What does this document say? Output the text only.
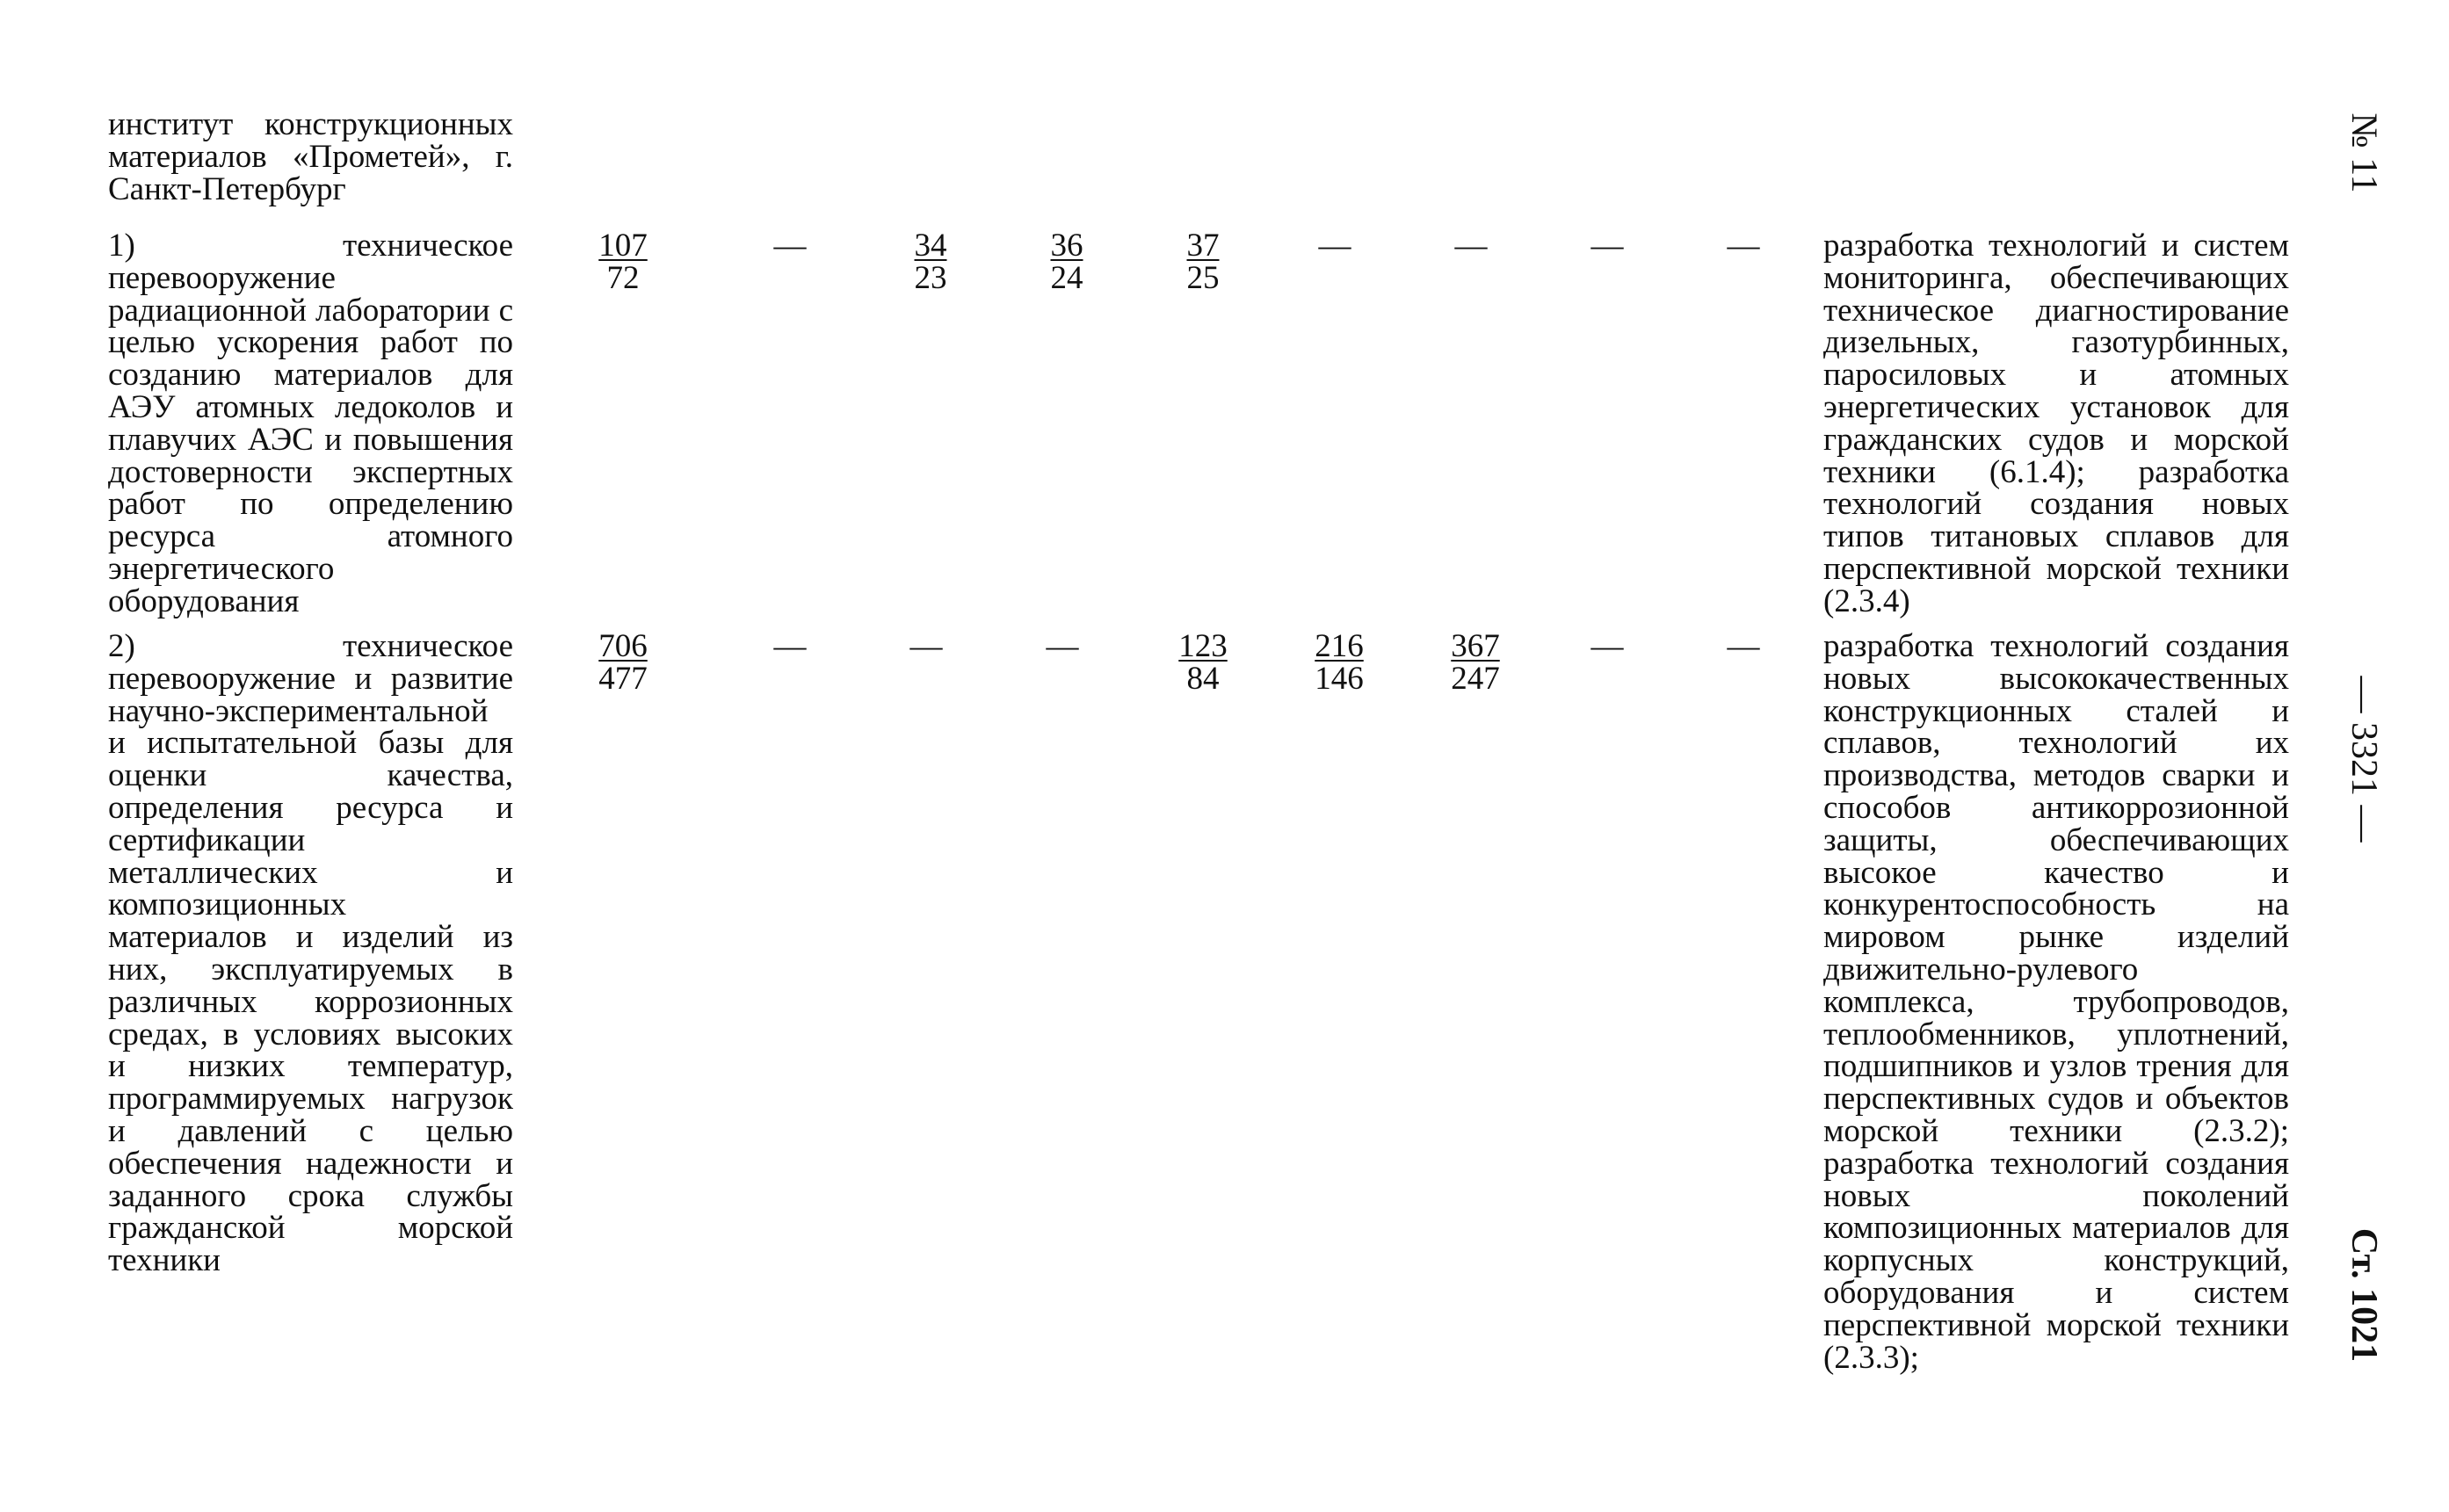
институт конструкционных материалов «Прометей», г. Санкт-Петербург
1) техническое перевооружение радиационной лаборатории с целью ускорения работ по созданию материалов для АЭУ атомных ледоколов и плавучих АЭС и повышения достоверности экспертных работ по определению ресурса атомного энергетического оборудования
$\frac{107}{72}$	—	$\frac{34}{23} \frac{36}{24} \frac{37}{25}$	—	—	—	—	разработка технологий и систем мониторинга, обеспечивающих техническое диагностирование дизельных, газотурбинных, паросиловых и атомных энергетических установок для гражданских судов и морской техники (6.1.4); разработка технологий создания новых типов титановых сплавов для перспективной морской техники (2.3.4)
2) техническое перевооружение и развитие научно-экспериментальной и испытательной базы для оценки качества, определения ресурса и сертификации металлических и композиционных материалов и изделий из них, эксплуатируемых в различных коррозионных средах, в условиях высоких и низких температур, программируемых нагрузок и давлений с целью обеспечения надежности и заданного срока службы гражданской морской техники
$\frac{706}{477}$	—	—	—	$\frac{123}{84} \frac{216}{146} \frac{367}{247}$	—	—	разработка технологий создания новых высококачественных конструкционных сталей и сплавов, технологий их производства, методов сварки и способов антикоррозионной защиты, обеспечивающих высокое качество и конкурентоспособность на мировом рынке изделий движительно-рулевого комплекса, трубопроводов, теплообменников, уплотнений, подшипников и узлов трения для перспективных судов и объектов морской техники (2.3.2); разработка технологий создания новых поколений композиционных материалов для корпусных конструкций, оборудования и систем перспективной морской техники (2.3.3);
№ 11
— 3321 —
Ст. 1021
